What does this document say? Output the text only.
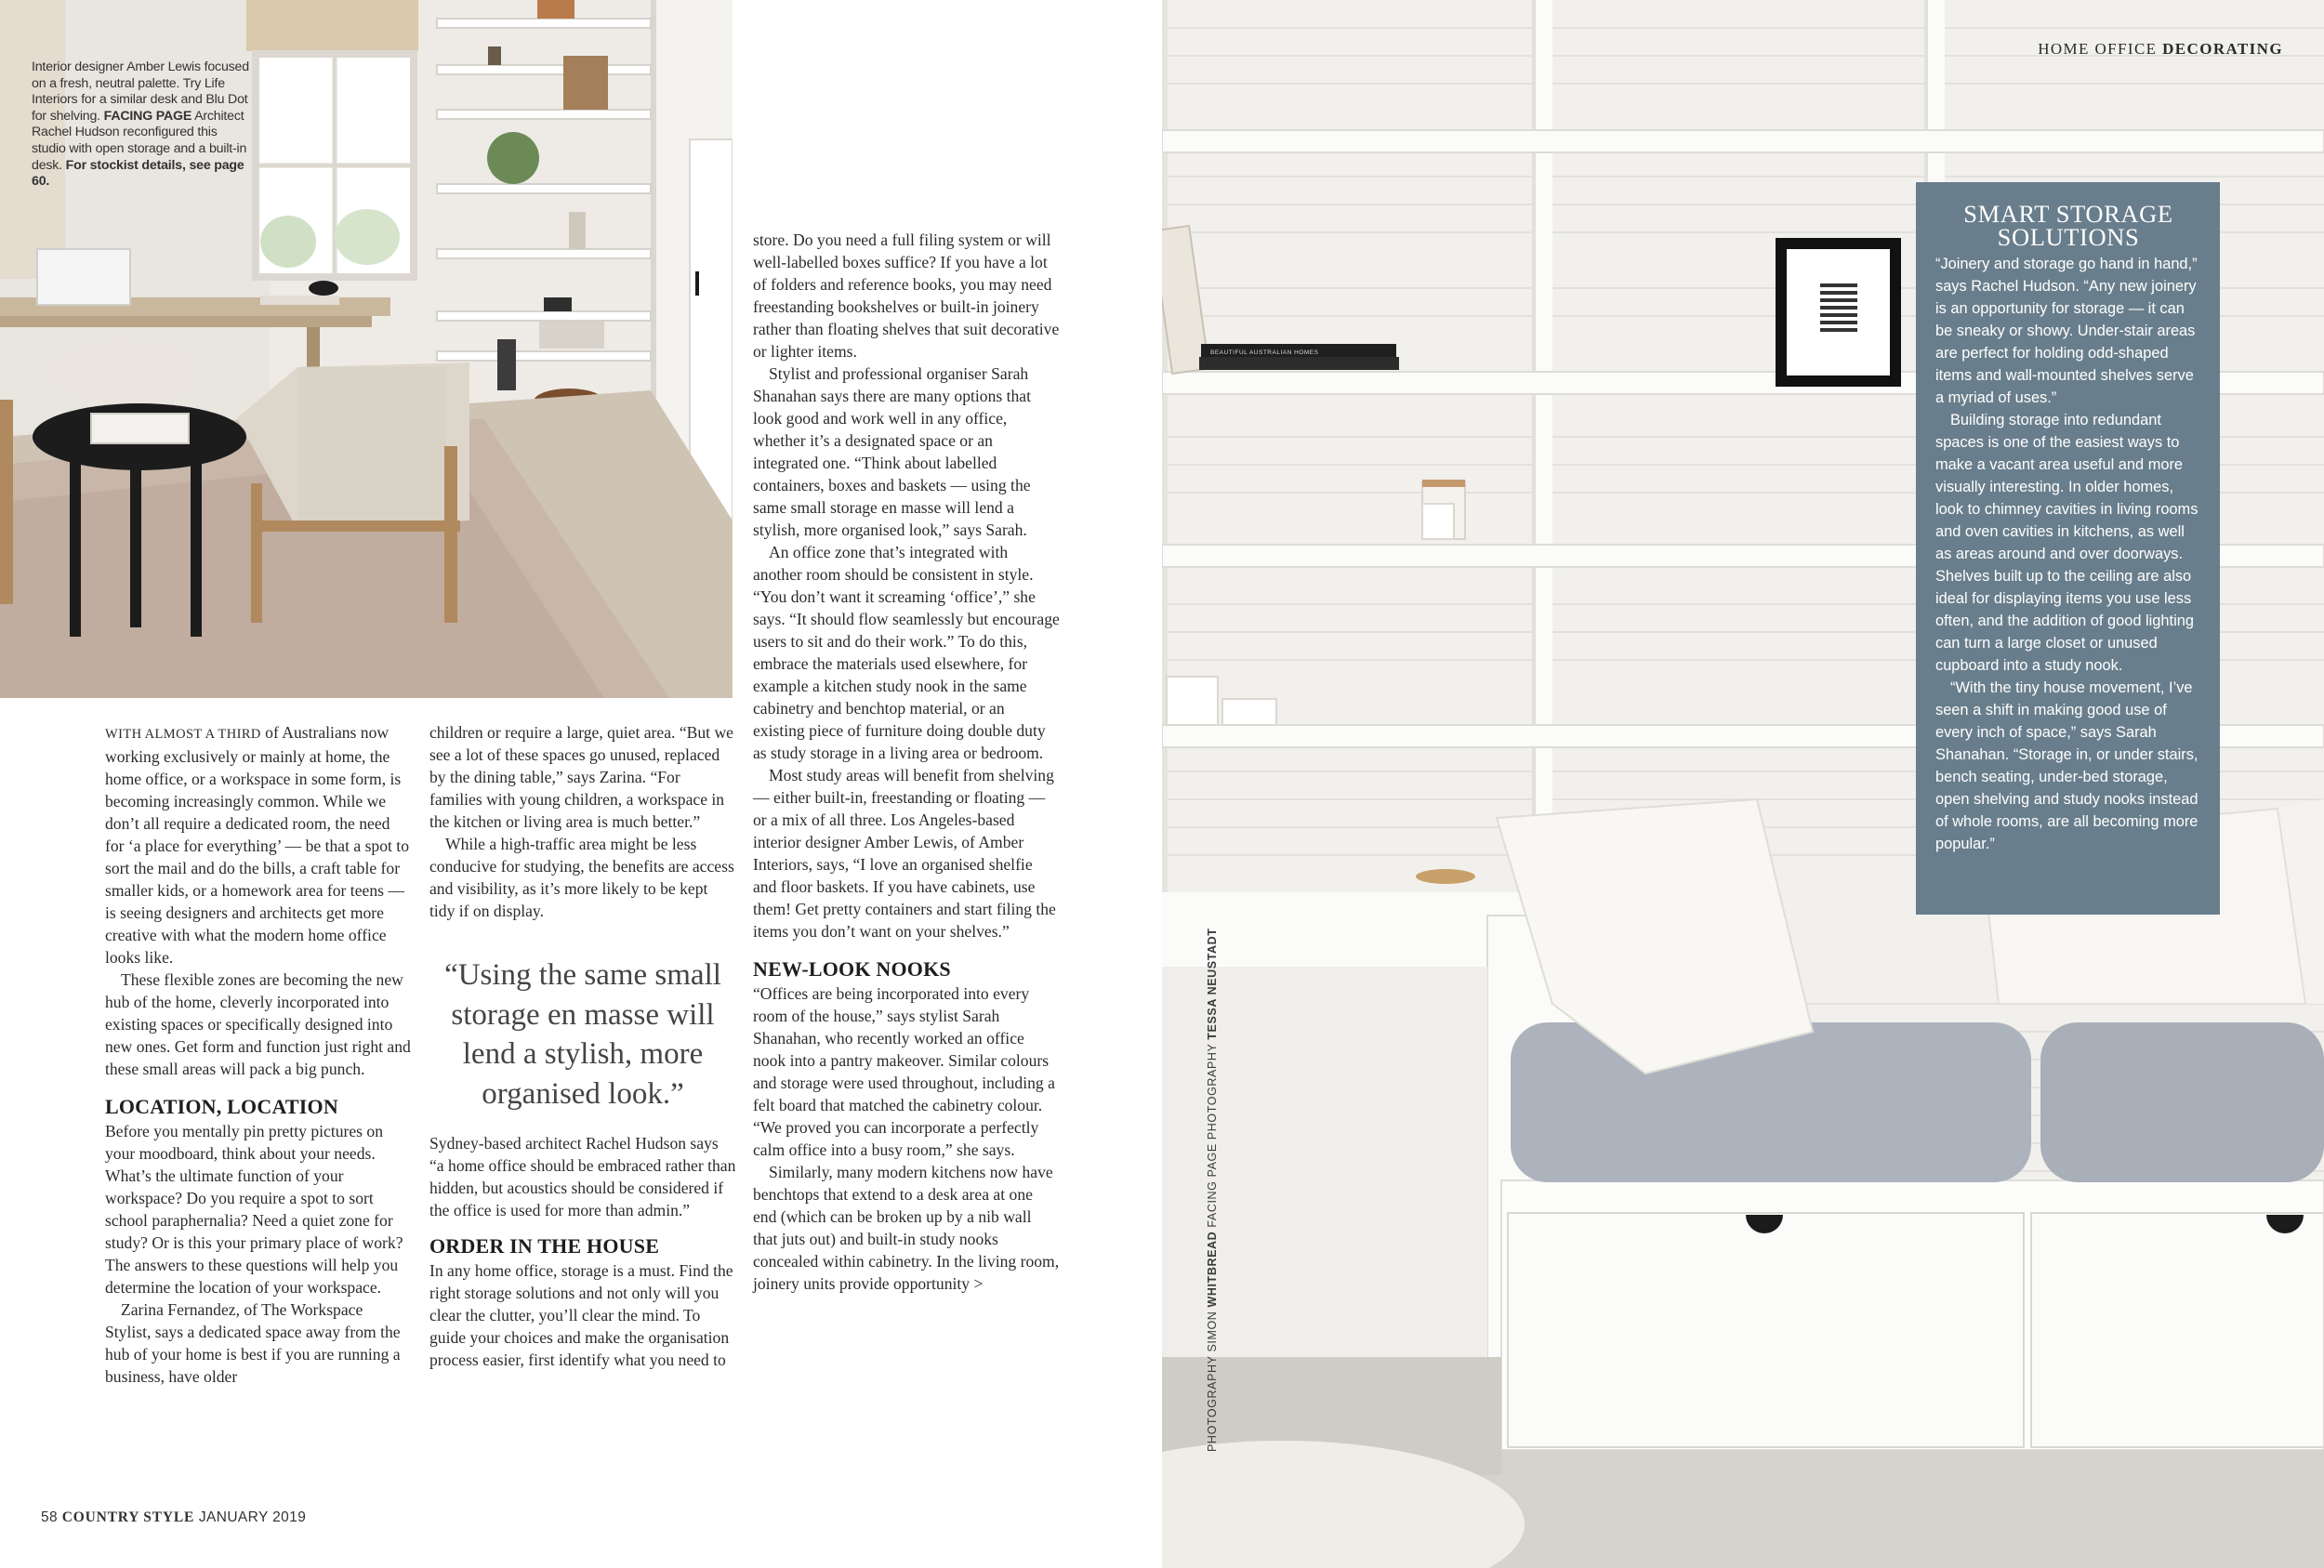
Interior designer Amber Lewis focused on a fresh, neutral palette. Try Life Interiors for a similar desk and Blu Dot for shelving. FACING PAGE Architect Rachel Hudson reconfigured this studio with open storage and a built-in desk. For stockist details, see page 60.

WITH ALMOST A THIRD of Australians now working exclusively or mainly at home, the home office, or a workspace in some form, is becoming increasingly common. While we don’t all require a dedicated room, the need for ‘a place for everything’ — be that a spot to sort the mail and do the bills, a craft table for smaller kids, or a homework area for teens — is seeing designers and architects get more creative with what the modern home office looks like.

These flexible zones are becoming the new hub of the home, cleverly incorporated into existing spaces or specifically designed into new ones. Get form and function just right and these small areas will pack a big punch.

LOCATION, LOCATION

Before you mentally pin pretty pictures on your moodboard, think about your needs. What’s the ultimate function of your workspace? Do you require a spot to sort school paraphernalia? Need a quiet zone for study? Or is this your primary place of work? The answers to these questions will help you determine the location of your workspace.

Zarina Fernandez, of The Workspace Stylist, says a dedicated space away from the hub of your home is best if you are running a business, have older

children or require a large, quiet area. “But we see a lot of these spaces go unused, replaced by the dining table,” says Zarina. “For families with young children, a workspace in the kitchen or living area is much better.”

While a high-traffic area might be less conducive for studying, the benefits are access and visibility, as it’s more likely to be kept tidy if on display.

Sydney-based architect Rachel Hudson says “a home office should be embraced rather than hidden, but acoustics should be considered if the office is used for more than admin.”

ORDER IN THE HOUSE

In any home office, storage is a must. Find the right storage solutions and not only will you clear the clutter, you’ll clear the mind. To guide your choices and make the organisation process easier, first identify what you need to

“Using the same small storage en masse will lend a stylish, more organised look.”

store. Do you need a full filing system or will well-labelled boxes suffice? If you have a lot of folders and reference books, you may need freestanding bookshelves or built-in joinery rather than floating shelves that suit decorative or lighter items.

Stylist and professional organiser Sarah Shanahan says there are many options that look good and work well in any office, whether it’s a designated space or an integrated one. “Think about labelled containers, boxes and baskets — using the same small storage en masse will lend a stylish, more organised look,” says Sarah.

An office zone that’s integrated with another room should be consistent in style. “You don’t want it screaming ‘office’,” she says. “It should flow seamlessly but encourage users to sit and do their work.” To do this, embrace the materials used elsewhere, for example a kitchen study nook in the same cabinetry and benchtop material, or an existing piece of furniture doing double duty as study storage in a living area or bedroom.

Most study areas will benefit from shelving — either built-in, freestanding or floating — or a mix of all three. Los Angeles-based interior designer Amber Lewis, of Amber Interiors, says, “I love an organised shelfie and floor baskets. If you have cabinets, use them! Get pretty containers and start filing the items you don’t want on your shelves.”

NEW-LOOK NOOKS

“Offices are being incorporated into every room of the house,” says stylist Sarah Shanahan, who recently worked an office nook into a pantry makeover. Similar colours and storage were used throughout, including a felt board that matched the cabinetry colour. “We proved you can incorporate a perfectly calm office into a busy room,” she says.

Similarly, many modern kitchens now have benchtops that extend to a desk area at one end (which can be broken up by a nib wall that juts out) and built-in study nooks concealed within cabinetry. In the living room, joinery units provide opportunity >

58 COUNTRY STYLE JANUARY 2019
BEAUTIFUL AUSTRALIAN HOMES
HOME OFFICE DECORATING
PHOTOGRAPHY SIMON WHITBREAD FACING PAGE PHOTOGRAPHY TESSA NEUSTADT
SMART STORAGE
SOLUTIONS

“Joinery and storage go hand in hand,” says Rachel Hudson. “Any new joinery is an opportunity for storage — it can be sneaky or showy. Under-stair areas are perfect for holding odd-shaped items and wall-mounted shelves serve a myriad of uses.”

Building storage into redundant spaces is one of the easiest ways to make a vacant area useful and more visually interesting. In older homes, look to chimney cavities in living rooms and oven cavities in kitchens, as well as areas around and over doorways. Shelves built up to the ceiling are also ideal for displaying items you use less often, and the addition of good lighting can turn a large closet or unused cupboard into a study nook.

“With the tiny house movement, I’ve seen a shift in making good use of every inch of space,” says Sarah Shanahan. “Storage in, or under stairs, bench seating, under-bed storage, open shelving and study nooks instead of whole rooms, are all becoming more popular.”
